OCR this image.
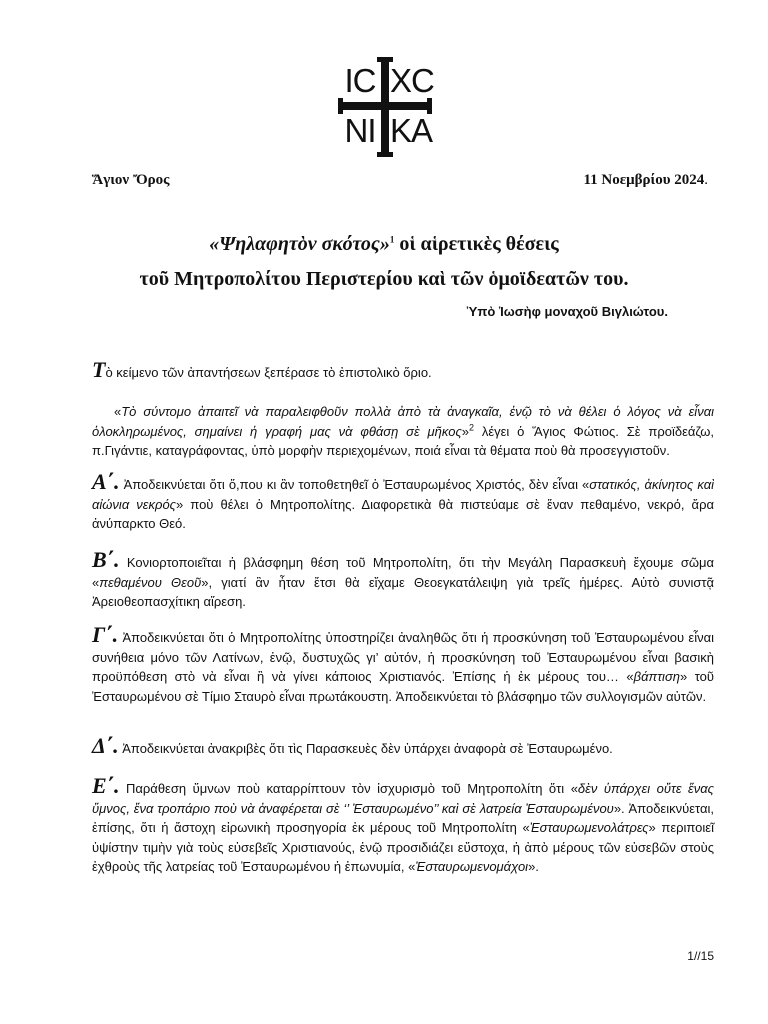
IC XC
NI KA
Ἅγιον Ὄρος	11 Νοεμβρίου 2024.
«Ψηλαφητὸν σκότος»$^1$ οἱ αἱρετικὲς θέσεις
τοῦ Μητροπολίτου Περιστερίου καὶ τῶν ὁμοϊδεατῶν του.
Ὑπὸ Ἰωσὴφ μοναχοῦ Βιγλιώτου.
Τὸ κείμενο τῶν ἀπαντήσεων ξεπέρασε τὸ ἐπιστολικὸ ὅριο.
«Τὸ σύντομο ἀπαιτεῖ νὰ παραλειφθοῦν πολλὰ ἀπὸ τὰ ἀναγκαῖα, ἐνῷ τὸ νὰ θέλει ὁ λόγος νὰ εἶναι ὁλοκληρωμένος, σημαίνει ἡ γραφή μας νὰ φθάσῃ σὲ μῆκος»$^2$ λέγει ὁ Ἅγιος Φώτιος. Σὲ προϊδεάζω, π.Γιγάντιε, καταγράφοντας, ὑπὸ μορφὴν περιεχομένων, ποιά εἶναι τὰ θέματα ποὺ θὰ προσεγγιστοῦν.
Α΄. Ἀποδεικνύεται ὅτι ὅ,που κι ἂν τοποθετηθεῖ ὁ Ἐσταυρωμένος Χριστός, δὲν εἶναι «στατικός, ἀκίνητος καὶ αἰώνια νεκρός» ποὺ θέλει ὁ Μητροπολίτης. Διαφορετικὰ θὰ πιστεύαμε σὲ ἕναν πεθαμένο, νεκρό, ἄρα ἀνύπαρκτο Θεό.
Β΄. Κονιορτοποιεῖται ἡ βλάσφημη θέση τοῦ Μητροπολίτη, ὅτι τὴν Μεγάλη Παρασκευὴ ἔχουμε σῶμα «πεθαμένου Θεοῦ», γιατί ἂν ἦταν ἔτσι θὰ εἴχαμε Θεοεγκατάλειψη γιὰ τρεῖς ἡμέρες. Αὐτὸ συνιστᾷ Ἀρειοθεοπασχίτικη αἵρεση.
Γ΄. Ἀποδεικνύεται ὅτι ὁ Μητροπολίτης ὑποστηρίζει ἀναληθῶς ὅτι ἡ προσκύνηση τοῦ Ἐσταυρωμένου εἶναι συνήθεια μόνο τῶν Λατίνων, ἐνῷ, δυστυχῶς γι’ αὐτόν, ἡ προσκύνηση τοῦ Ἐσταυρωμένου εἶναι βασικὴ προϋπόθεση στὸ νὰ εἶναι ἢ νὰ γίνει κάποιος Χριστιανός. Ἐπίσης ἡ ἐκ μέρους του… «βάπτιση» τοῦ Ἐσταυρωμένου σὲ Τίμιο Σταυρὸ εἶναι πρωτάκουστη. Ἀποδεικνύεται τὸ βλάσφημο τῶν συλλογισμῶν αὐτῶν.
Δ΄. Ἀποδεικνύεται ἀνακριβὲς ὅτι τὶς Παρασκευὲς δὲν ὑπάρχει ἀναφορὰ σὲ Ἐσταυρωμένο.
Ε΄. Παράθεση ὕμνων ποὺ καταρρίπτουν τὸν ἰσχυρισμὸ τοῦ Μητροπολίτη ὅτι «δὲν ὑπάρχει οὔτε ἕνας ὕμνος, ἕνα τροπάριο ποὺ νὰ ἀναφέρεται σὲ ‘’ Ἐσταυρωμένο’’ καὶ σὲ λατρεία Ἐσταυρωμένου». Ἀποδεικνύεται, ἐπίσης, ὅτι ἡ ἄστοχη εἰρωνικὴ προσηγορία ἐκ μέρους τοῦ Μητροπολίτη «Ἐσταυρωμενολάτρες» περιποιεῖ ὑψίστην τιμὴν γιὰ τοὺς εὐσεβεῖς Χριστιανούς, ἐνῷ προσιδιάζει εὔστοχα, ἡ ἀπὸ μέρους τῶν εὐσεβῶν στοὺς ἐχθροὺς τῆς λατρείας τοῦ Ἐσταυρωμένου ἡ ἐπωνυμία, «Ἐσταυρωμενομάχοι».
1//15
